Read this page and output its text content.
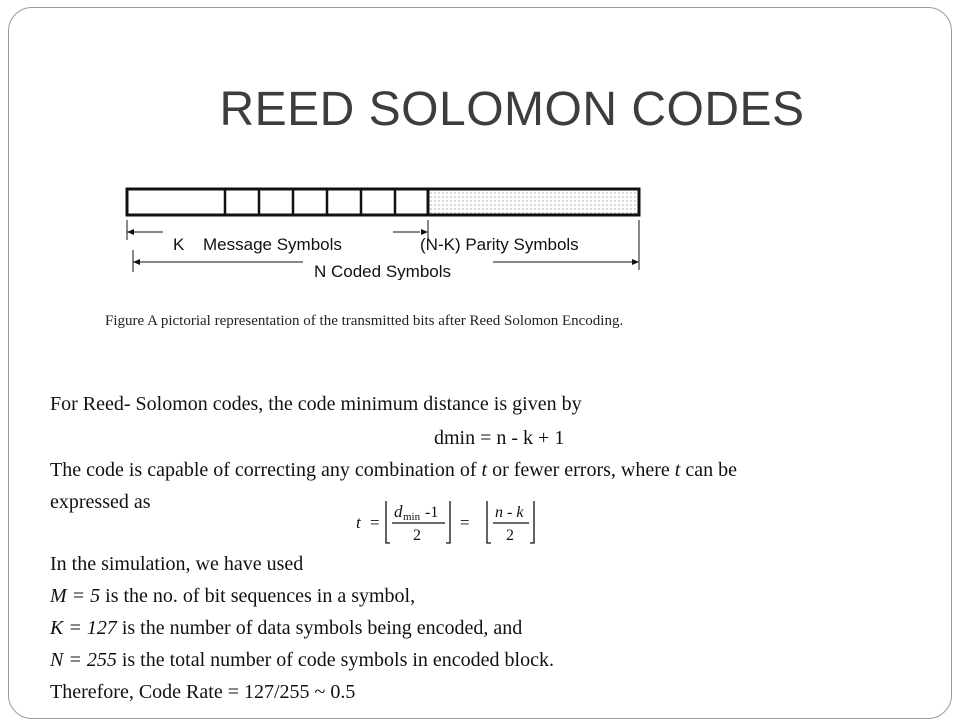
REED SOLOMON CODES
K Message Symbols	(N-K) Parity Symbols
N Coded Symbols
Figure A pictorial representation of the transmitted bits after Reed Solomon Encoding.
For Reed- Solomon codes, the code minimum distance is given by
dmin = n - k + 1
The code is capable of correcting any combination of t or fewer errors, where t can be
expressed as
t =
d min -1
2
=
n - k
2
In the simulation, we have used
M = 5 is the no. of bit sequences in a symbol,
K = 127 is the number of data symbols being encoded, and
N = 255 is the total number of code symbols in encoded block.
Therefore, Code Rate = 127/255 ~ 0.5
